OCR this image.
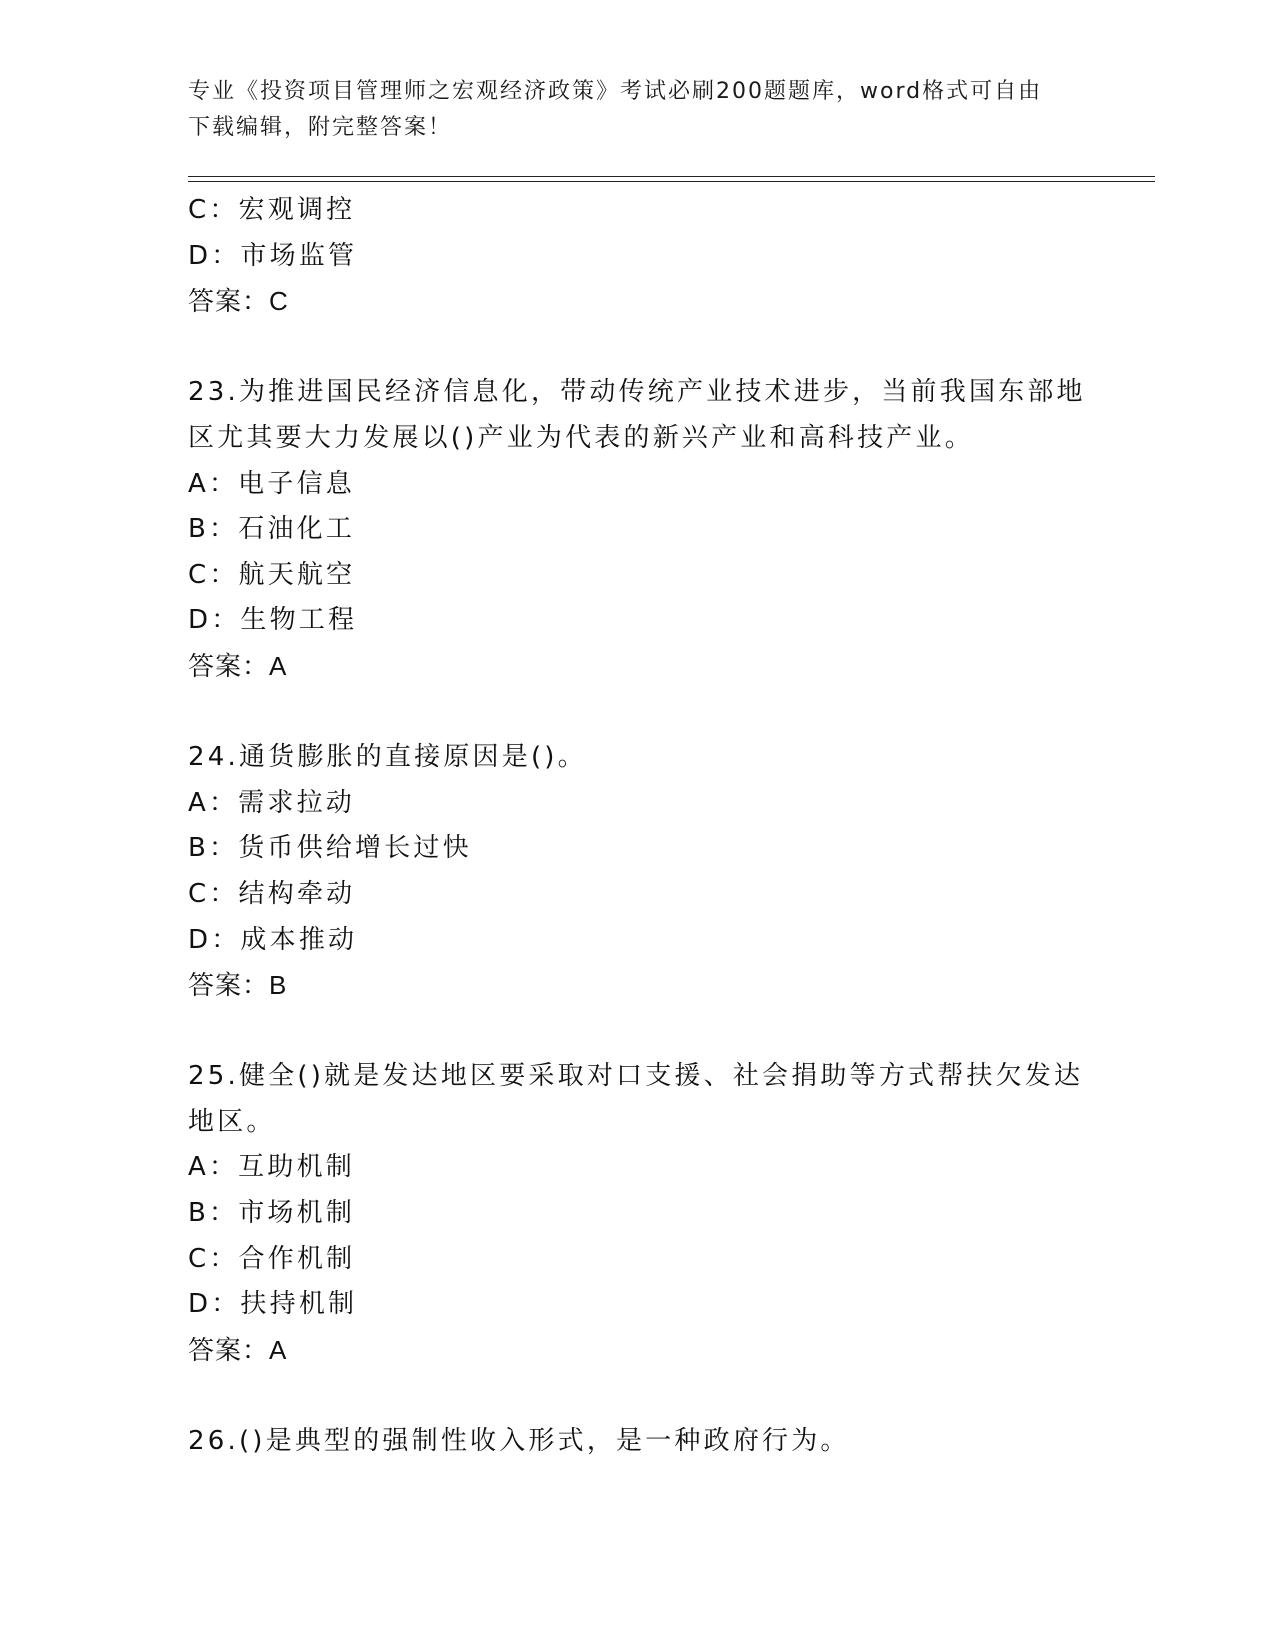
专业《投资项目管理师之宏观经济政策》考试必刷200题题库，word格式可自由
下载编辑，附完整答案！
C：宏观调控
D：市场监管
答案：C
23.为推进国民经济信息化，带动传统产业技术进步，当前我国东部地
区尤其要大力发展以()产业为代表的新兴产业和高科技产业。
A：电子信息
B：石油化工
C：航天航空
D：生物工程
答案：A
24.通货膨胀的直接原因是()。
A：需求拉动
B：货币供给增长过快
C：结构牵动
D：成本推动
答案：B
25.健全()就是发达地区要采取对口支援、社会捐助等方式帮扶欠发达
地区。
A：互助机制
B：市场机制
C：合作机制
D：扶持机制
答案：A
26.()是典型的强制性收入形式，是一种政府行为。
